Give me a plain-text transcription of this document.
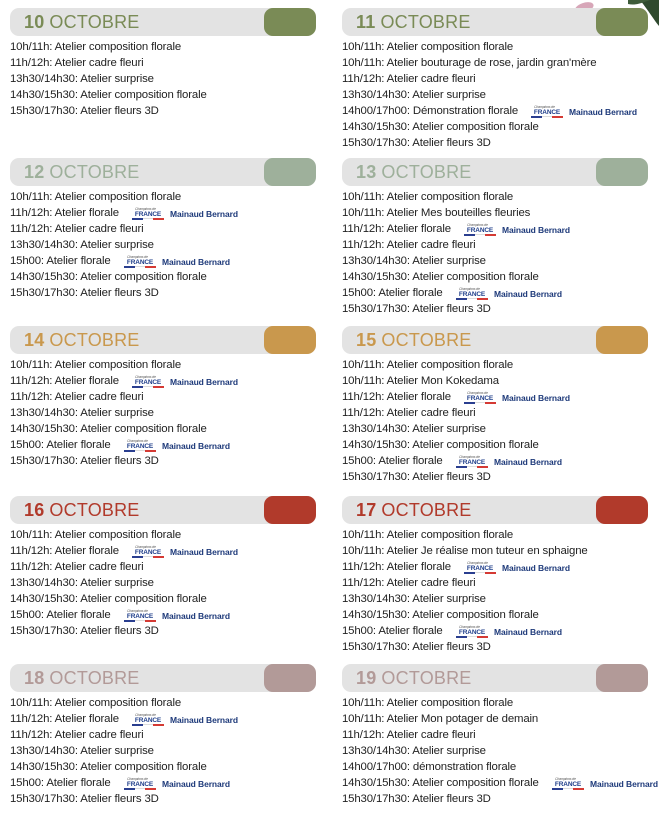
10 OCTOBRE
10h/11h: Atelier composition florale
11h/12h: Atelier cadre fleuri
13h30/14h30: Atelier surprise
14h30/15h30: Atelier composition florale
15h30/17h30: Atelier fleurs 3D
12 OCTOBRE
10h/11h: Atelier composition florale
11h/12h: Atelier florale	Champions de
FRANCE	Mainaud Bernard
11h/12h: Atelier cadre fleuri
13h30/14h30: Atelier surprise
15h00: Atelier florale	Champions de
FRANCE	Mainaud Bernard
14h30/15h30: Atelier composition florale
15h30/17h30: Atelier fleurs 3D
14 OCTOBRE
10h/11h: Atelier composition florale
11h/12h: Atelier florale	Champions de
FRANCE	Mainaud Bernard
11h/12h: Atelier cadre fleuri
13h30/14h30: Atelier surprise
14h30/15h30: Atelier composition florale
15h00: Atelier florale	Champions de
FRANCE	Mainaud Bernard
15h30/17h30: Atelier fleurs 3D
16 OCTOBRE
10h/11h: Atelier composition florale
11h/12h: Atelier florale	Champions de
FRANCE	Mainaud Bernard
11h/12h: Atelier cadre fleuri
13h30/14h30: Atelier surprise
14h30/15h30: Atelier composition florale
15h00: Atelier florale	Champions de
FRANCE	Mainaud Bernard
15h30/17h30: Atelier fleurs 3D
18 OCTOBRE
10h/11h: Atelier composition florale
11h/12h: Atelier florale	Champions de
FRANCE	Mainaud Bernard
11h/12h: Atelier cadre fleuri
13h30/14h30: Atelier surprise
14h30/15h30: Atelier composition florale
15h00: Atelier florale	Champions de
FRANCE	Mainaud Bernard
15h30/17h30: Atelier fleurs 3D
11 OCTOBRE
10h/11h: Atelier composition florale
10h/11h: Atelier bouturage de rose, jardin gran'mère
11h/12h: Atelier cadre fleuri
13h30/14h30: Atelier surprise
14h00/17h00: Démonstration florale	Champions de
FRANCE	Mainaud Bernard
14h30/15h30: Atelier composition florale
15h30/17h30: Atelier fleurs 3D
13 OCTOBRE
10h/11h: Atelier composition florale
10h/11h: Atelier Mes bouteilles fleuries
11h/12h: Atelier florale	Champions de
FRANCE	Mainaud Bernard
11h/12h: Atelier cadre fleuri
13h30/14h30: Atelier surprise
14h30/15h30: Atelier composition florale
15h00: Atelier florale	Champions de
FRANCE	Mainaud Bernard
15h30/17h30: Atelier fleurs 3D
15 OCTOBRE
10h/11h: Atelier composition florale
10h/11h: Atelier Mon Kokedama
11h/12h: Atelier florale	Champions de
FRANCE	Mainaud Bernard
11h/12h: Atelier cadre fleuri
13h30/14h30: Atelier surprise
14h30/15h30: Atelier composition florale
15h00: Atelier florale	Champions de
FRANCE	Mainaud Bernard
15h30/17h30: Atelier fleurs 3D
17 OCTOBRE
10h/11h: Atelier composition florale
10h/11h: Atelier Je réalise mon tuteur en sphaigne
11h/12h: Atelier florale	Champions de
FRANCE	Mainaud Bernard
11h/12h: Atelier cadre fleuri
13h30/14h30: Atelier surprise
14h30/15h30: Atelier composition florale
15h00: Atelier florale	Champions de
FRANCE	Mainaud Bernard
15h30/17h30: Atelier fleurs 3D
19 OCTOBRE
10h/11h: Atelier composition florale
10h/11h: Atelier Mon potager de demain
11h/12h: Atelier cadre fleuri
13h30/14h30: Atelier surprise
14h00/17h00: démonstration florale
14h30/15h30: Atelier composition florale	Champions de
FRANCE	Mainaud Bernard
15h30/17h30: Atelier fleurs 3D
